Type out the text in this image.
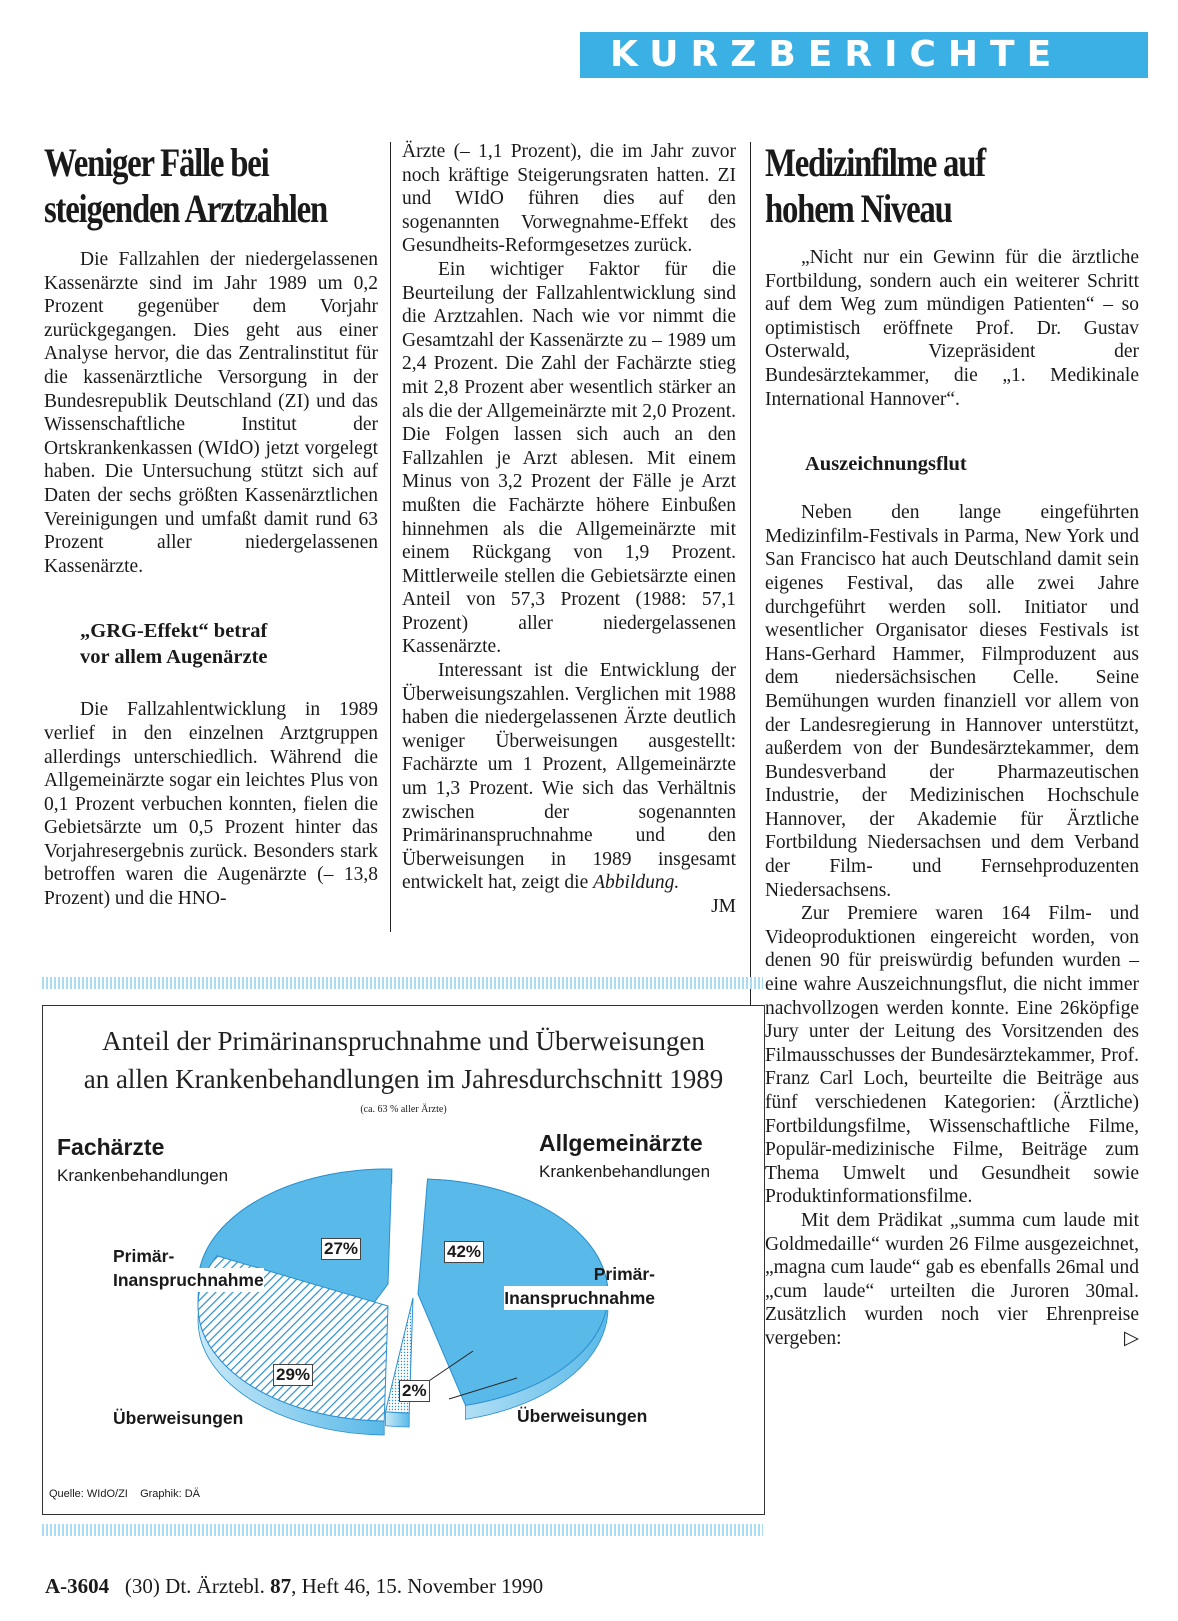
KURZBERICHTE
Weniger Fälle bei
steigenden Arztzahlen

Die Fallzahlen der niedergelassenen Kassenärzte sind im Jahr 1989 um 0,2 Prozent gegenüber dem Vorjahr zurückgegangen. Dies geht aus einer Analyse hervor, die das Zentralinstitut für die kassenärztliche Versorgung in der Bundesrepublik Deutschland (ZI) und das Wissenschaftliche Institut der Ortskrankenkassen (WIdO) jetzt vorgelegt haben. Die Untersuchung stützt sich auf Daten der sechs größten Kassenärztlichen Vereinigungen und umfaßt damit rund 63 Prozent aller niedergelassenen Kassenärzte.

„GRG-Effekt“ betraf
vor allem Augenärzte

Die Fallzahlentwicklung in 1989 verlief in den einzelnen Arztgruppen allerdings unterschiedlich. Während die Allgemeinärzte sogar ein leichtes Plus von 0,1 Prozent verbuchen konnten, fielen die Gebietsärzte um 0,5 Prozent hinter das Vorjahresergebnis zurück. Besonders stark betroffen waren die Augenärzte (– 13,8 Prozent) und die HNO-

Ärzte (– 1,1 Prozent), die im Jahr zuvor noch kräftige Steigerungsraten hatten. ZI und WIdO führen dies auf den sogenannten Vorwegnahme-Effekt des Gesundheits-Reformgesetzes zurück.

Ein wichtiger Faktor für die Beurteilung der Fallzahlentwicklung sind die Arztzahlen. Nach wie vor nimmt die Gesamtzahl der Kassenärzte zu – 1989 um 2,4 Prozent. Die Zahl der Fachärzte stieg mit 2,8 Prozent aber wesentlich stärker an als die der Allgemeinärzte mit 2,0 Prozent. Die Folgen lassen sich auch an den Fallzahlen je Arzt ablesen. Mit einem Minus von 3,2 Prozent der Fälle je Arzt mußten die Fachärzte höhere Einbußen hinnehmen als die Allgemeinärzte mit einem Rückgang von 1,9 Prozent. Mittlerweile stellen die Gebietsärzte einen Anteil von 57,3 Prozent (1988: 57,1 Prozent) aller niedergelassenen Kassenärzte.

Interessant ist die Entwicklung der Überweisungszahlen. Verglichen mit 1988 haben die niedergelassenen Ärzte deutlich weniger Überweisungen ausgestellt: Fachärzte um 1 Prozent, Allgemeinärzte um 1,3 Prozent. Wie sich das Verhältnis zwischen der sogenannten Primärinanspruchnahme und den Überweisungen in 1989 insgesamt entwickelt hat, zeigt die Abbildung.
JM

Anteil der Primärinanspruchnahme und Überweisungen
an allen Krankenbehandlungen im Jahresdurchschnitt 1989
(ca. 63 % aller Ärzte)
Fachärzte
Krankenbehandlungen
Allgemeinärzte
Krankenbehandlungen
Primär-
Inanspruchnahme
27%
29%
Überweisungen
42%
Primär-
Inanspruchnahme
2%
Überweisungen
Quelle: WIdO/ZI    Graphik: DÄ
Medizinfilme auf
hohem Niveau

„Nicht nur ein Gewinn für die ärztliche Fortbildung, sondern auch ein weiterer Schritt auf dem Weg zum mündigen Patienten“ – so optimistisch eröffnete Prof. Dr. Gustav Osterwald, Vizepräsident der Bundesärztekammer, die „1. Medikinale International Hannover“.

Auszeichnungsflut

Neben den lange eingeführten Medizinfilm-Festivals in Parma, New York und San Francisco hat auch Deutschland damit sein eigenes Festival, das alle zwei Jahre durchgeführt werden soll. Initiator und wesentlicher Organisator dieses Festivals ist Hans-Gerhard Hammer, Filmproduzent aus dem niedersächsischen Celle. Seine Bemühungen wurden finanziell vor allem von der Landesregierung in Hannover unterstützt, außerdem von der Bundesärztekammer, dem Bundesverband der Pharmazeutischen Industrie, der Medizinischen Hochschule Hannover, der Akademie für Ärztliche Fortbildung Niedersachsen und dem Verband der Film- und Fernsehproduzenten Niedersachsens.

Zur Premiere waren 164 Film- und Videoproduktionen eingereicht worden, von denen 90 für preiswürdig befunden wurden – eine wahre Auszeichnungsflut, die nicht immer nachvollzogen werden konnte. Eine 26köpfige Jury unter der Leitung des Vorsitzenden des Filmausschusses der Bundesärztekammer, Prof. Franz Carl Loch, beurteilte die Beiträge aus fünf verschiedenen Kategorien: (Ärztliche) Fortbildungsfilme, Wissenschaftliche Filme, Populär-medizinische Filme, Beiträge zum Thema Umwelt und Gesundheit sowie Produktinformationsfilme.

Mit dem Prädikat „summa cum laude mit Goldmedaille“ wurden 26 Filme ausgezeichnet, „magna cum laude“ gab es ebenfalls 26mal und „cum laude“ urteilten die Juroren 30mal. Zusätzlich wurden noch vier Ehrenpreise vergeben:	▷

A-3604 (30) Dt. Ärztebl. 87, Heft 46, 15. November 1990
